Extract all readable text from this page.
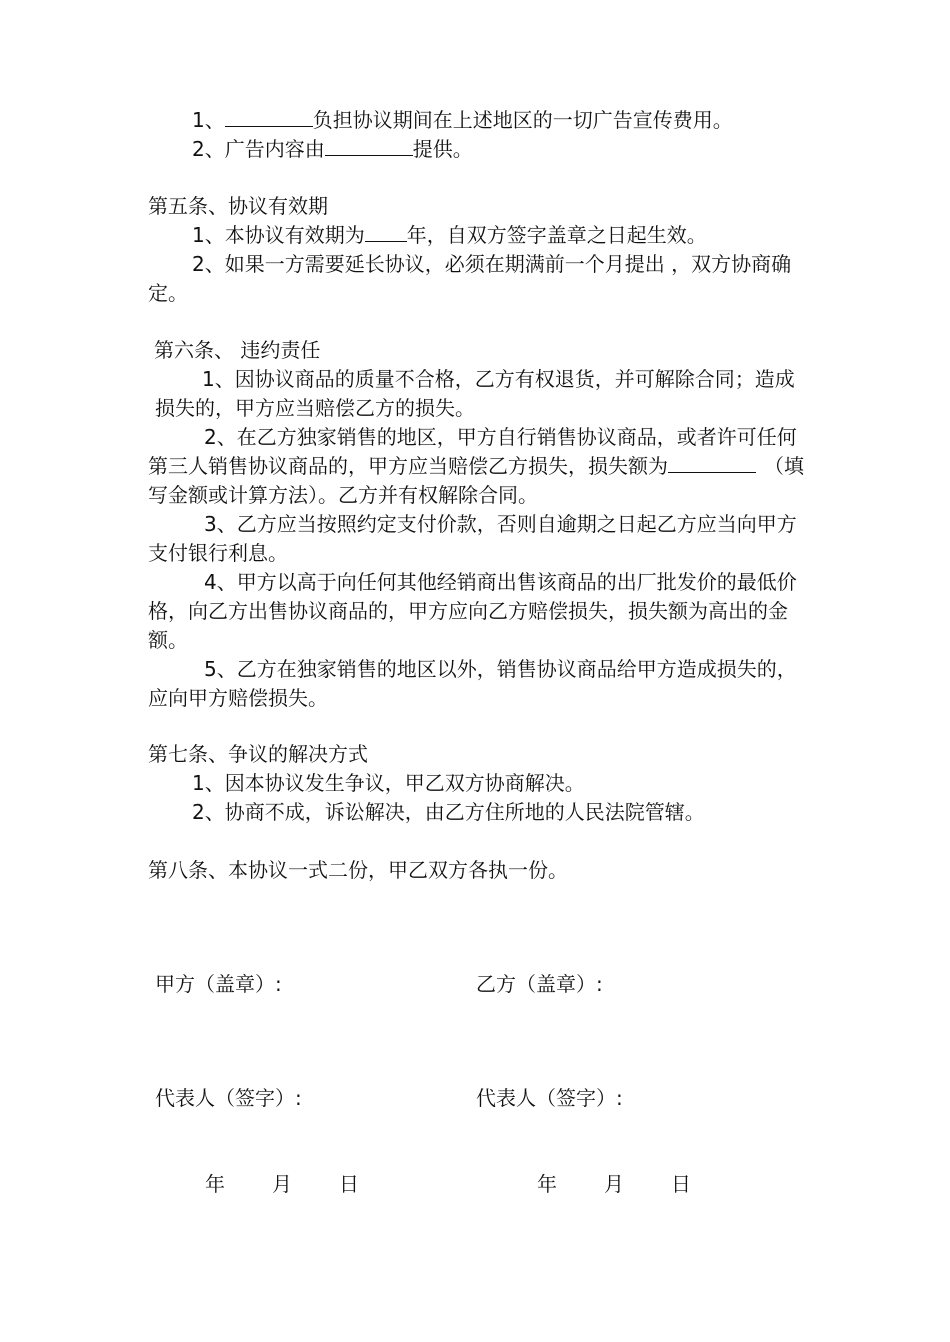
1、	负担协议期间在上述地区的一切广告宣传费用。
2、广告内容由	提供。
第五条、协议有效期
1、本协议有效期为 年，自双方签字盖章之日起生效。
2、如果一方需要延长协议，必须在期满前一个月提出 ，双方协商确
定。
第六条、 违约责任
1、因协议商品的质量不合格，乙方有权退货，并可解除合同；造成
损失的，甲方应当赔偿乙方的损失。
2、在乙方独家销售的地区，甲方自行销售协议商品，或者许可任何
第三人销售协议商品的，甲方应当赔偿乙方损失，损失额为	（填
写金额或计算方法）。乙方并有权解除合同。
3、乙方应当按照约定支付价款，否则自逾期之日起乙方应当向甲方
支付银行利息。
4、甲方以高于向任何其他经销商出售该商品的出厂批发价的最低价
格，向乙方出售协议商品的，甲方应向乙方赔偿损失，损失额为高出的金
额。
5、乙方在独家销售的地区以外，销售协议商品给甲方造成损失的，
应向甲方赔偿损失。
第七条、争议的解决方式
1、因本协议发生争议，甲乙双方协商解决。
2、协商不成，诉讼解决，由乙方住所地的人民法院管辖。
第八条、本协议一式二份，甲乙双方各执一份。
甲方（盖章）:	乙方（盖章）:
代表人（签字）:	代表人（签字）:
年 月 日	年 月 日
